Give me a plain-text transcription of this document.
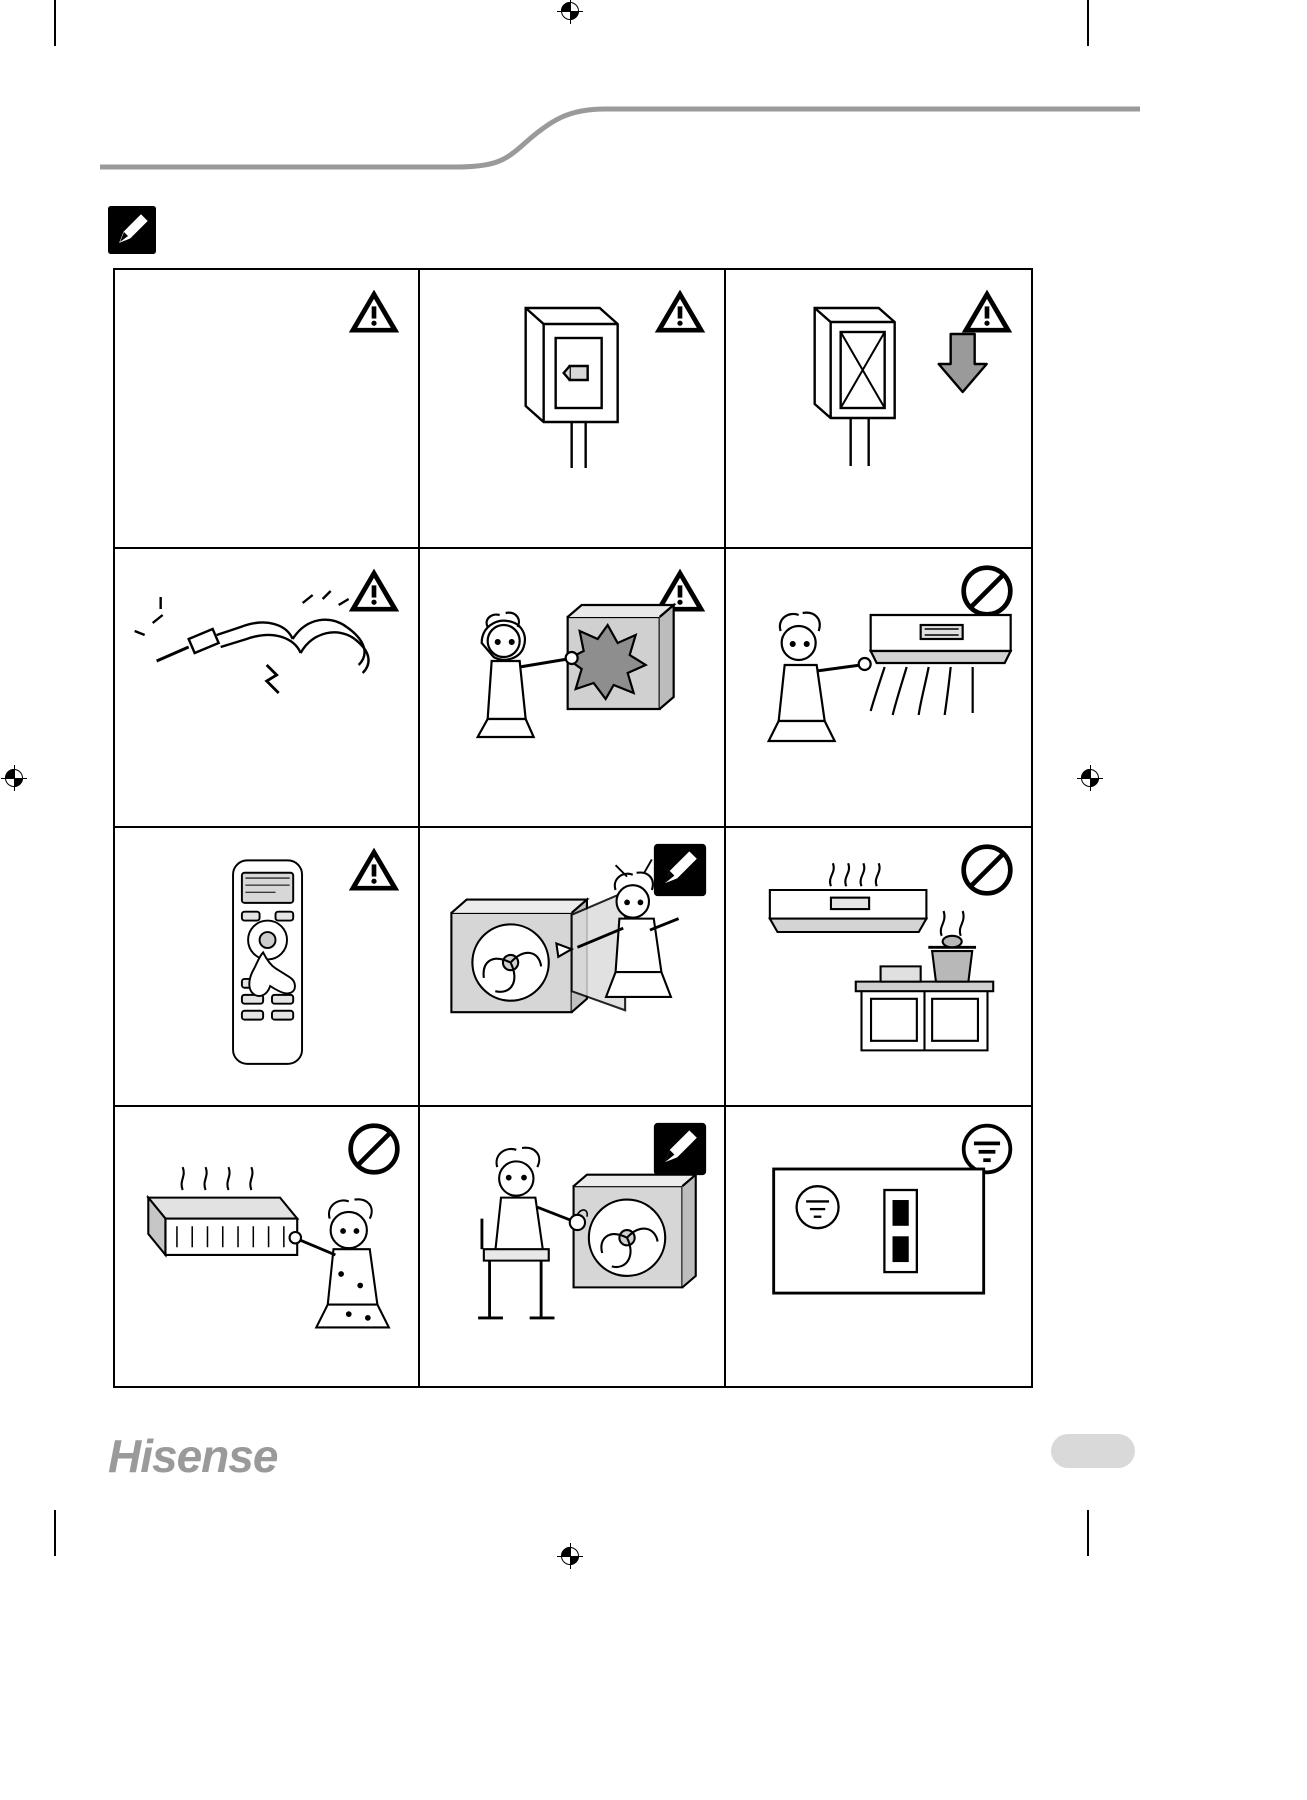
Hisense
